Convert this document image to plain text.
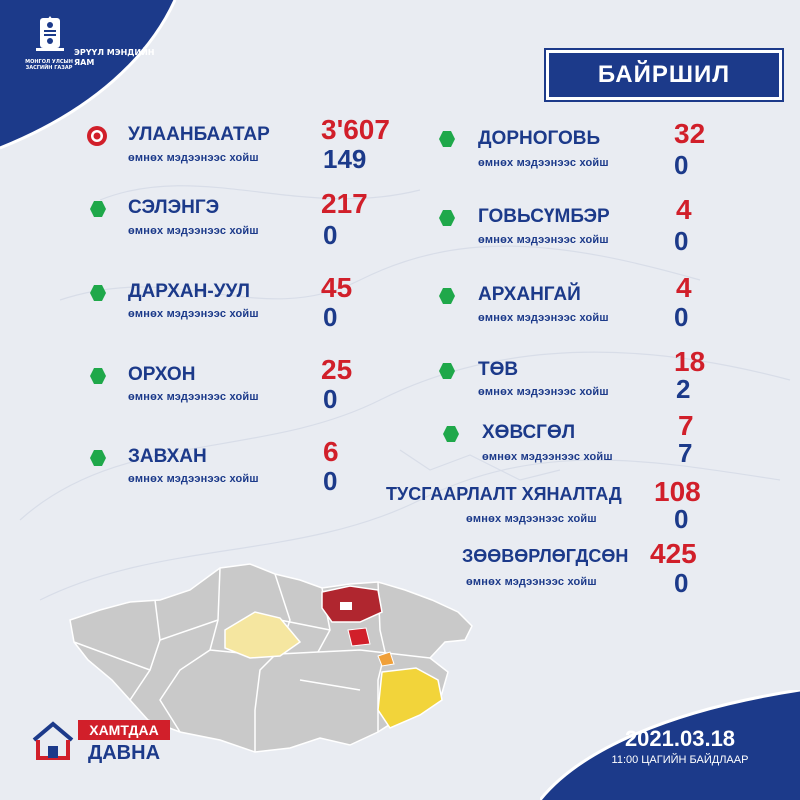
МОНГОЛ УЛСЫН ЗАСГИЙН ГАЗАР
ЭРҮҮЛ МЭНДИЙН ЯАМ	БАЙРШИЛ
УЛААНБААТАР
өмнөх мэдээнээс хойш
3'607
149
СЭЛЭНГЭ
өмнөх мэдээнээс хойш
217
0
ДАРХАН-УУЛ
өмнөх мэдээнээс хойш
45
0
ОРХОН
өмнөх мэдээнээс хойш
25
0
ЗАВХАН
өмнөх мэдээнээс хойш
6
0
ДОРНОГОВЬ
өмнөх мэдээнээс хойш
32
0
ГОВЬСҮМБЭР
өмнөх мэдээнээс хойш
4
0
АРХАНГАЙ
өмнөх мэдээнээс хойш
4
0
ТӨВ
өмнөх мэдээнээс хойш
18
2
ХӨВСГӨЛ
өмнөх мэдээнээс хойш
7
7
ТУСГААРЛАЛТ ХЯНАЛТАД
өмнөх мэдээнээс хойш
108
0
ЗӨӨВӨРЛӨГДСӨН
өмнөх мэдээнээс хойш
425
0
ХАМТДАА
ДАВНА
2021.03.18
11:00 ЦАГИЙН БАЙДЛААР
